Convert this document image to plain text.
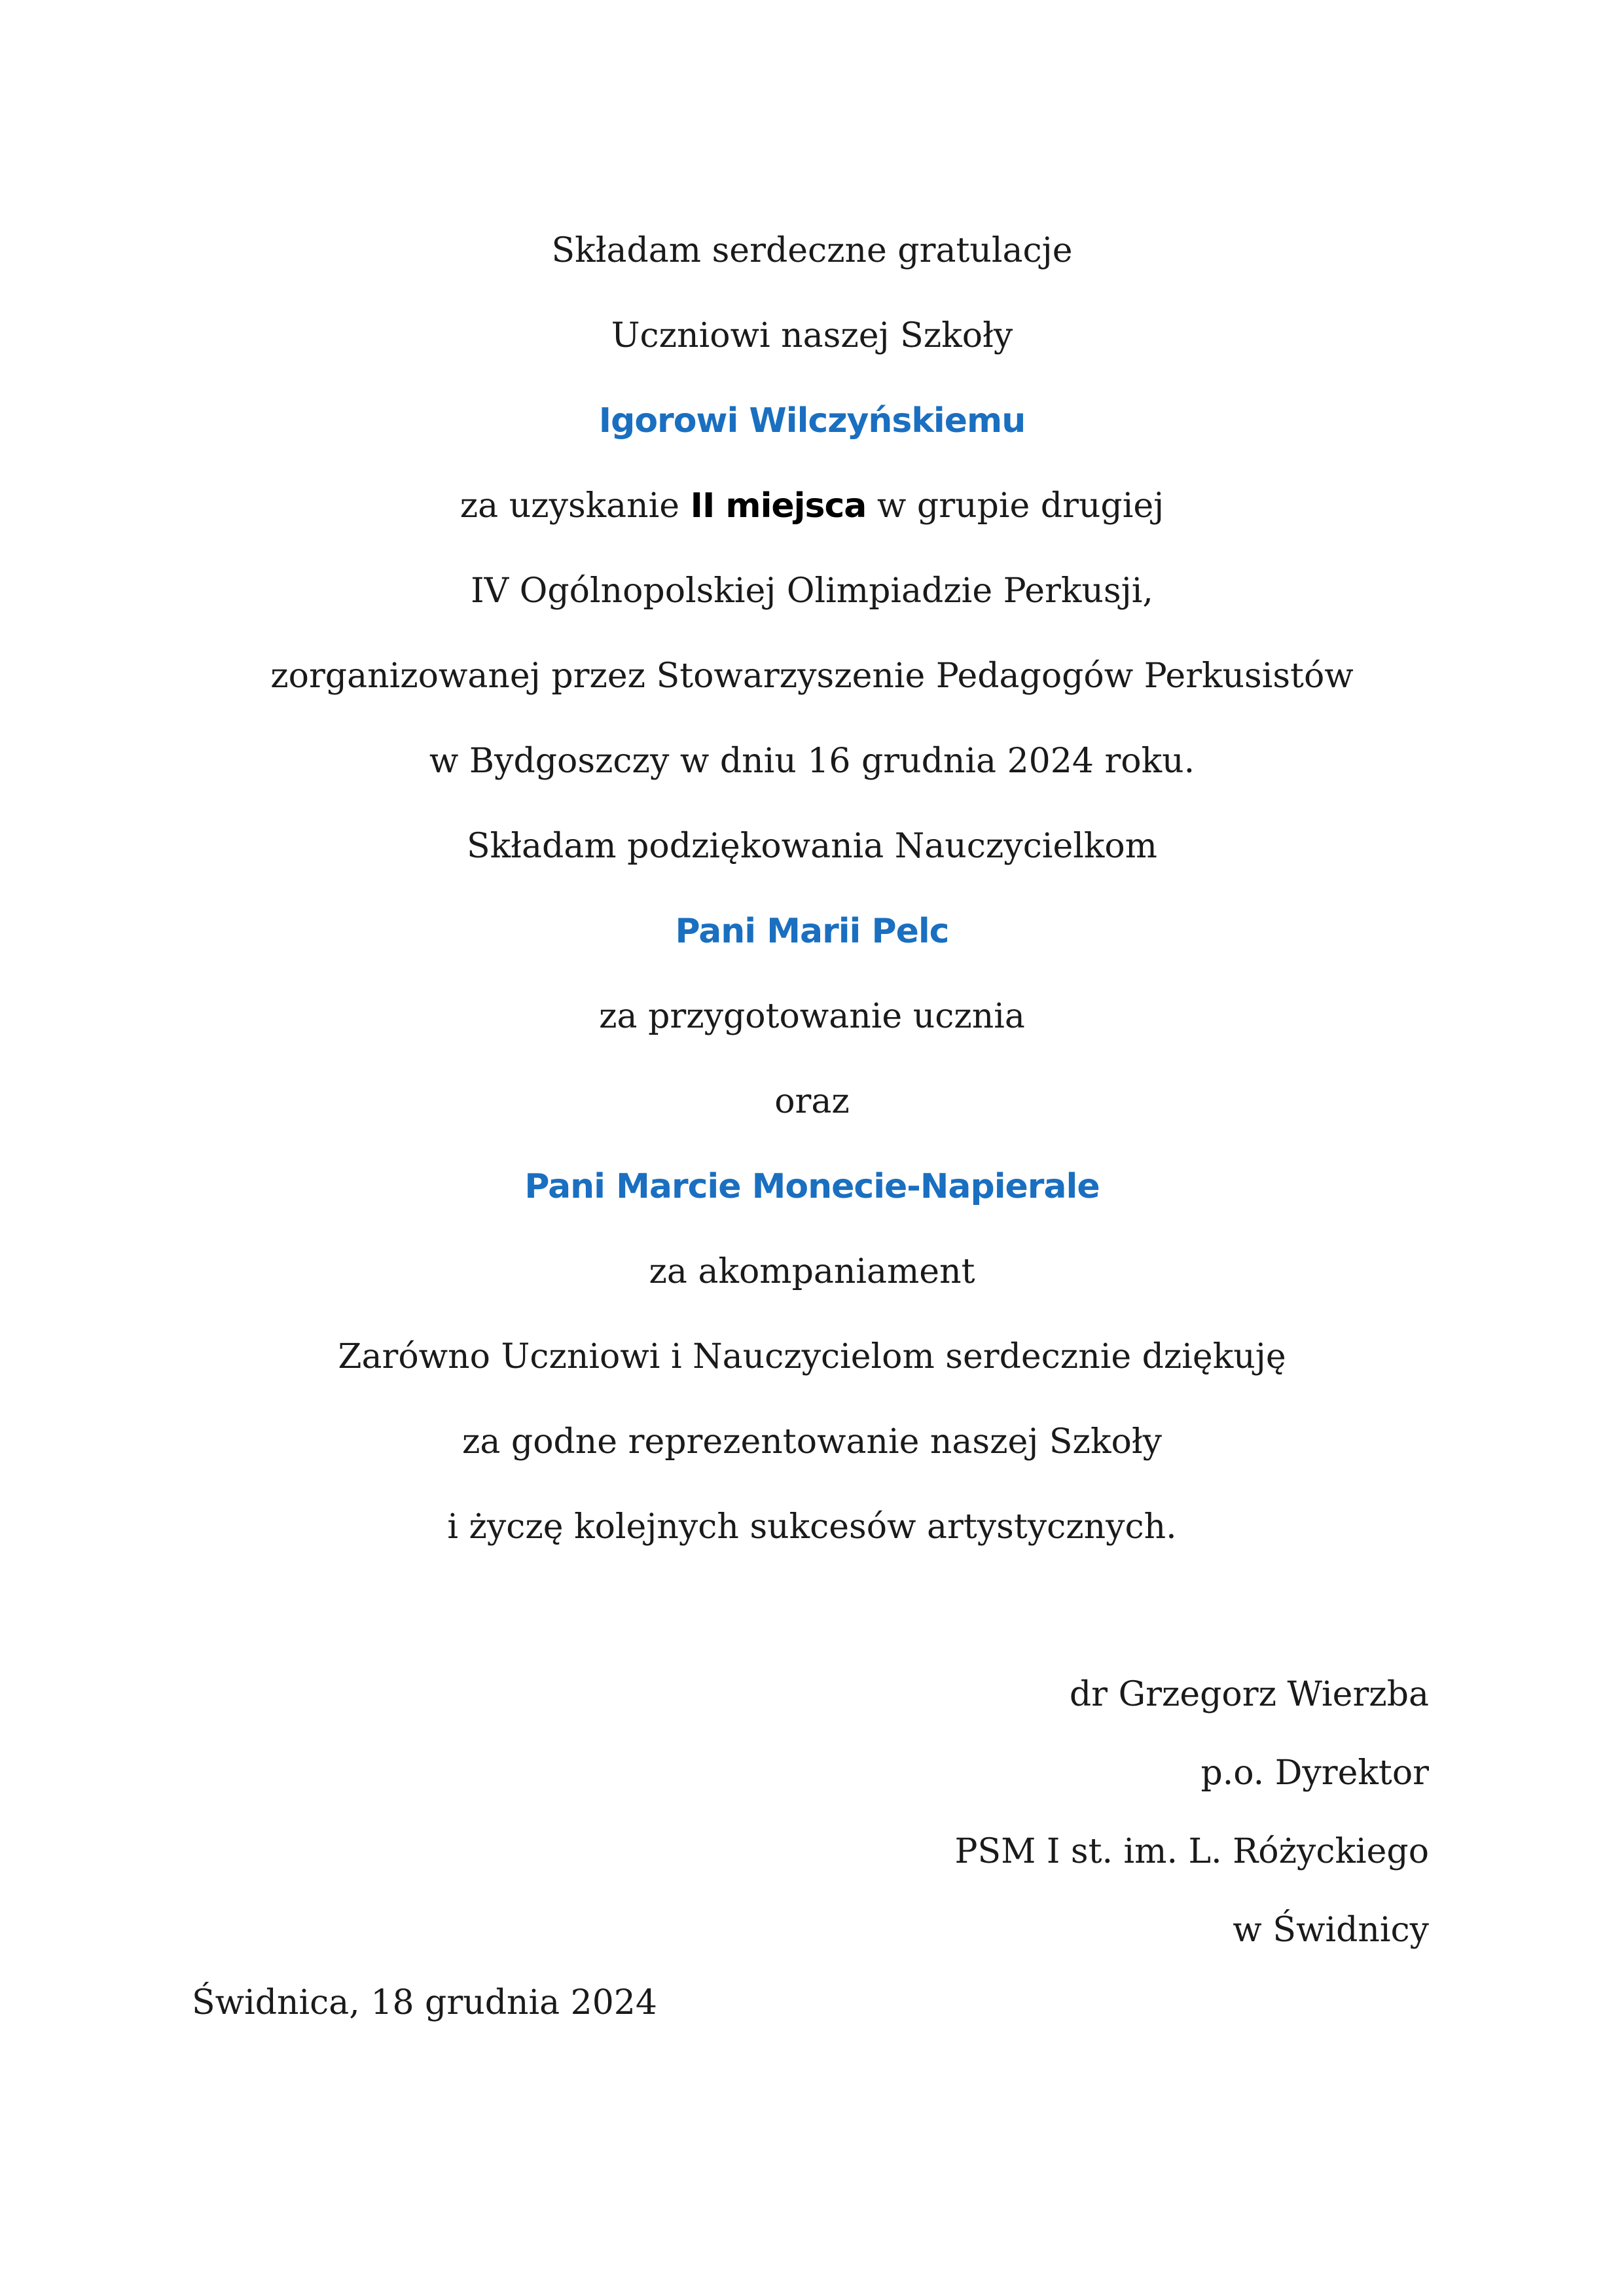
Składam serdeczne gratulacje
Uczniowi naszej Szkoły
Igorowi Wilczyńskiemu
za uzyskanie II miejsca w grupie drugiej
IV Ogólnopolskiej Olimpiadzie Perkusji,
zorganizowanej przez Stowarzyszenie Pedagogów Perkusistów
w Bydgoszczy w dniu 16 grudnia 2024 roku.
Składam podziękowania Nauczycielkom
Pani Marii Pelc
za przygotowanie ucznia
oraz
Pani Marcie Monecie-Napierale
za akompaniament
Zarówno Uczniowi i Nauczycielom serdecznie dziękuję
za godne reprezentowanie naszej Szkoły
i życzę kolejnych sukcesów artystycznych.
dr Grzegorz Wierzba
p.o. Dyrektor
PSM I st. im. L. Różyckiego
w Świdnicy
Świdnica, 18 grudnia 2024
